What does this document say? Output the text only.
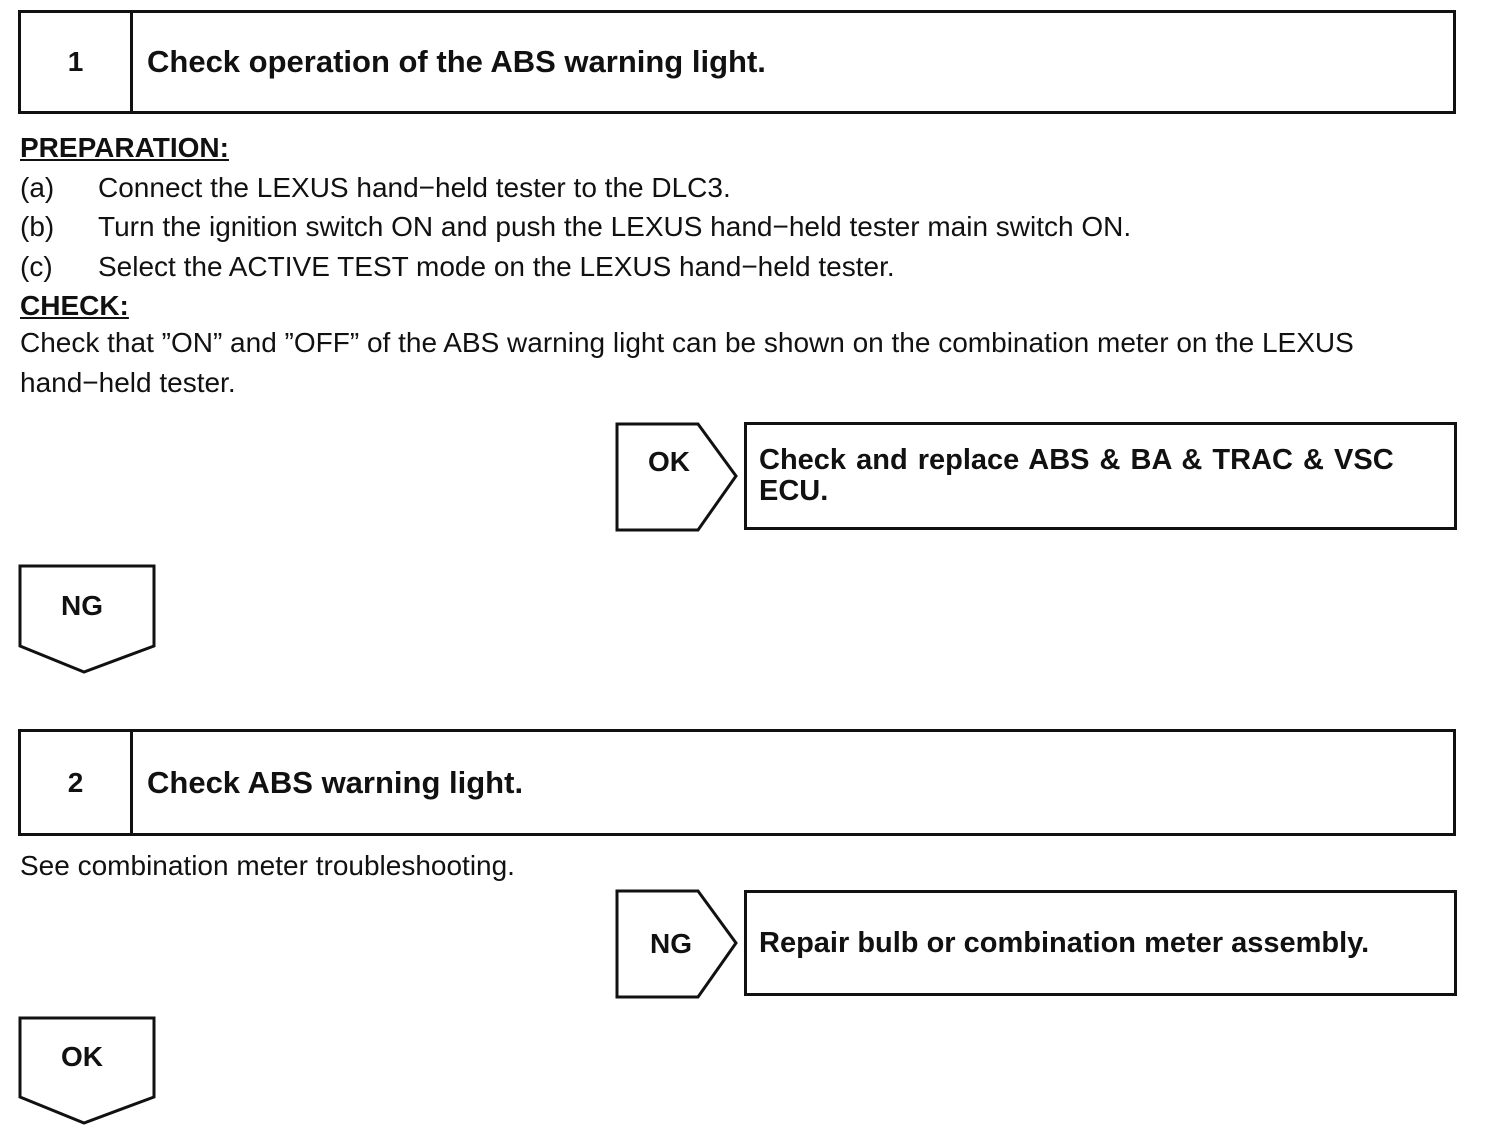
1	Check operation of the ABS warning light.
PREPARATION:
(a) Connect the LEXUS hand−held tester to the DLC3.
(b) Turn the ignition switch ON and push the LEXUS hand−held tester main switch ON.
(c) Select the ACTIVE TEST mode on the LEXUS hand−held tester.
CHECK:
Check that ”ON” and ”OFF” of the ABS warning light can be shown on the combination meter on the LEXUS hand−held tester.
OK Check and replace ABS & BA & TRAC & VSC ECU.
NG
2	Check ABS warning light.
See combination meter troubleshooting.
NG Repair bulb or combination meter assembly.
OK
